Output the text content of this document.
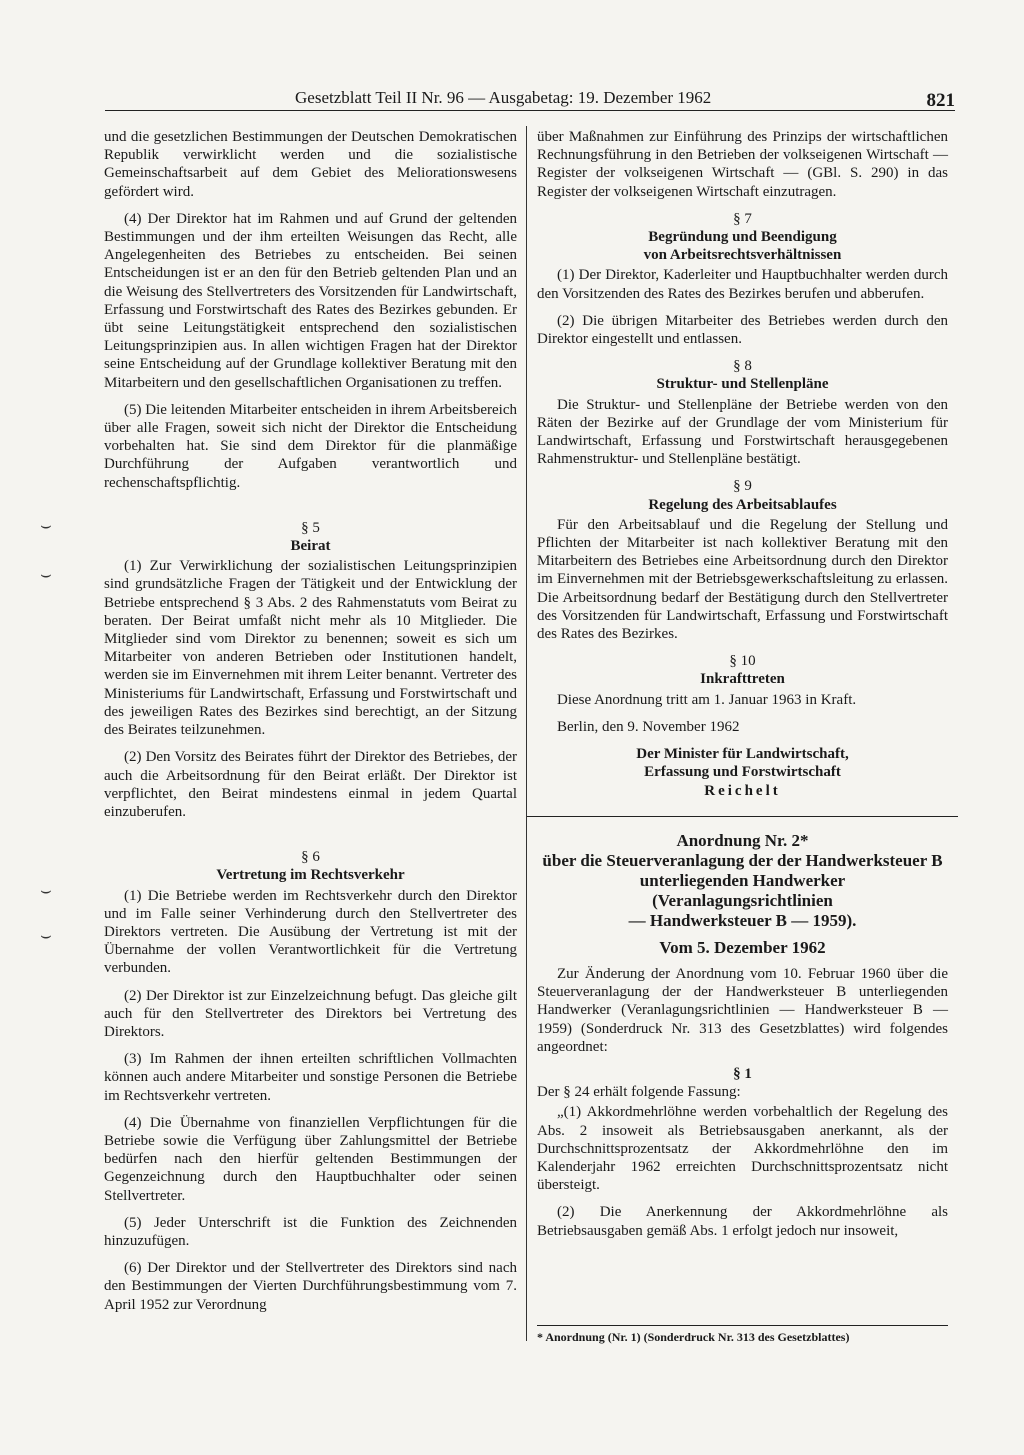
Gesetzblatt Teil II Nr. 96 — Ausgabetag: 19. Dezember 1962	821
⌣
⌣
⌣
⌣

und die gesetzlichen Bestimmungen der Deutschen Demokratischen Republik verwirklicht werden und die sozialistische Gemeinschaftsarbeit auf dem Gebiet des Meliorationswesens gefördert wird.

(4) Der Direktor hat im Rahmen und auf Grund der geltenden Bestimmungen und der ihm erteilten Weisungen das Recht, alle Angelegenheiten des Betriebes zu entscheiden. Bei seinen Entscheidungen ist er an den für den Betrieb geltenden Plan und an die Weisung des Stellvertreters des Vorsitzenden für Landwirtschaft, Erfassung und Forstwirtschaft des Rates des Bezirkes gebunden. Er übt seine Leitungstätigkeit entsprechend den sozialistischen Leitungsprinzipien aus. In allen wichtigen Fragen hat der Direktor seine Entscheidung auf der Grundlage kollektiver Beratung mit den Mitarbeitern und den gesellschaftlichen Organisationen zu treffen.

(5) Die leitenden Mitarbeiter entscheiden in ihrem Arbeitsbereich über alle Fragen, soweit sich nicht der Direktor die Entscheidung vorbehalten hat. Sie sind dem Direktor für die planmäßige Durchführung der Aufgaben verantwortlich und rechenschaftspflichtig.

§ 5
Beirat

(1) Zur Verwirklichung der sozialistischen Leitungsprinzipien sind grundsätzliche Fragen der Tätigkeit und der Entwicklung der Betriebe entsprechend § 3 Abs. 2 des Rahmenstatuts vom Beirat zu beraten. Der Beirat umfaßt nicht mehr als 10 Mitglieder. Die Mitglieder sind vom Direktor zu benennen; soweit es sich um Mitarbeiter von anderen Betrieben oder Institutionen handelt, werden sie im Einvernehmen mit ihrem Leiter benannt. Vertreter des Ministeriums für Landwirtschaft, Erfassung und Forstwirtschaft und des jeweiligen Rates des Bezirkes sind berechtigt, an der Sitzung des Beirates teilzunehmen.

(2) Den Vorsitz des Beirates führt der Direktor des Betriebes, der auch die Arbeitsordnung für den Beirat erläßt. Der Direktor ist verpflichtet, den Beirat mindestens einmal in jedem Quartal einzuberufen.

§ 6
Vertretung im Rechtsverkehr

(1) Die Betriebe werden im Rechtsverkehr durch den Direktor und im Falle seiner Verhinderung durch den Stellvertreter des Direktors vertreten. Die Ausübung der Vertretung ist mit der Übernahme der vollen Verantwortlichkeit für die Vertretung verbunden.

(2) Der Direktor ist zur Einzelzeichnung befugt. Das gleiche gilt auch für den Stellvertreter des Direktors bei Vertretung des Direktors.

(3) Im Rahmen der ihnen erteilten schriftlichen Vollmachten können auch andere Mitarbeiter und sonstige Personen die Betriebe im Rechtsverkehr vertreten.

(4) Die Übernahme von finanziellen Verpflichtungen für die Betriebe sowie die Verfügung über Zahlungsmittel der Betriebe bedürfen nach den hierfür geltenden Bestimmungen der Gegenzeichnung durch den Hauptbuchhalter oder seinen Stellvertreter.

(5) Jeder Unterschrift ist die Funktion des Zeichnenden hinzuzufügen.

(6) Der Direktor und der Stellvertreter des Direktors sind nach den Bestimmungen der Vierten Durchführungsbestimmung vom 7. April 1952 zur Verordnung

über Maßnahmen zur Einführung des Prinzips der wirtschaftlichen Rechnungsführung in den Betrieben der volkseigenen Wirtschaft — Register der volkseigenen Wirtschaft — (GBl. S. 290) in das Register der volkseigenen Wirtschaft einzutragen.

§ 7
Begründung und Beendigung
von Arbeitsrechtsverhältnissen

(1) Der Direktor, Kaderleiter und Hauptbuchhalter werden durch den Vorsitzenden des Rates des Bezirkes berufen und abberufen.

(2) Die übrigen Mitarbeiter des Betriebes werden durch den Direktor eingestellt und entlassen.

§ 8
Struktur- und Stellenpläne

Die Struktur- und Stellenpläne der Betriebe werden von den Räten der Bezirke auf der Grundlage der vom Ministerium für Landwirtschaft, Erfassung und Forstwirtschaft herausgegebenen Rahmenstruktur- und Stellenpläne bestätigt.

§ 9
Regelung des Arbeitsablaufes

Für den Arbeitsablauf und die Regelung der Stellung und Pflichten der Mitarbeiter ist nach kollektiver Beratung mit den Mitarbeitern des Betriebes eine Arbeitsordnung durch den Direktor im Einvernehmen mit der Betriebsgewerkschaftsleitung zu erlassen. Die Arbeitsordnung bedarf der Bestätigung durch den Stellvertreter des Vorsitzenden für Landwirtschaft, Erfassung und Forstwirtschaft des Rates des Bezirkes.

§ 10
Inkrafttreten

Diese Anordnung tritt am 1. Januar 1963 in Kraft.

Berlin, den 9. November 1962

Der Minister für Landwirtschaft,
Erfassung und Forstwirtschaft
Reichelt
Anordnung Nr. 2*
über die Steuerveranlagung der der Handwerksteuer B unterliegenden Handwerker
(Veranlagungsrichtlinien
— Handwerksteuer B — 1959).
Vom 5. Dezember 1962

Zur Änderung der Anordnung vom 10. Februar 1960 über die Steuerveranlagung der der Handwerksteuer B unterliegenden Handwerker (Veranlagungsrichtlinien — Handwerksteuer B — 1959) (Sonderdruck Nr. 313 des Gesetzblattes) wird folgendes angeordnet:

§ 1

Der § 24 erhält folgende Fassung:

„(1) Akkordmehrlöhne werden vorbehaltlich der Regelung des Abs. 2 insoweit als Betriebsausgaben anerkannt, als der Durchschnittsprozentsatz der Akkordmehrlöhne den im Kalenderjahr 1962 erreichten Durchschnittsprozentsatz nicht übersteigt.

(2) Die Anerkennung der Akkordmehrlöhne als Betriebsausgaben gemäß Abs. 1 erfolgt jedoch nur insoweit,

* Anordnung (Nr. 1) (Sonderdruck Nr. 313 des Gesetzblattes)
